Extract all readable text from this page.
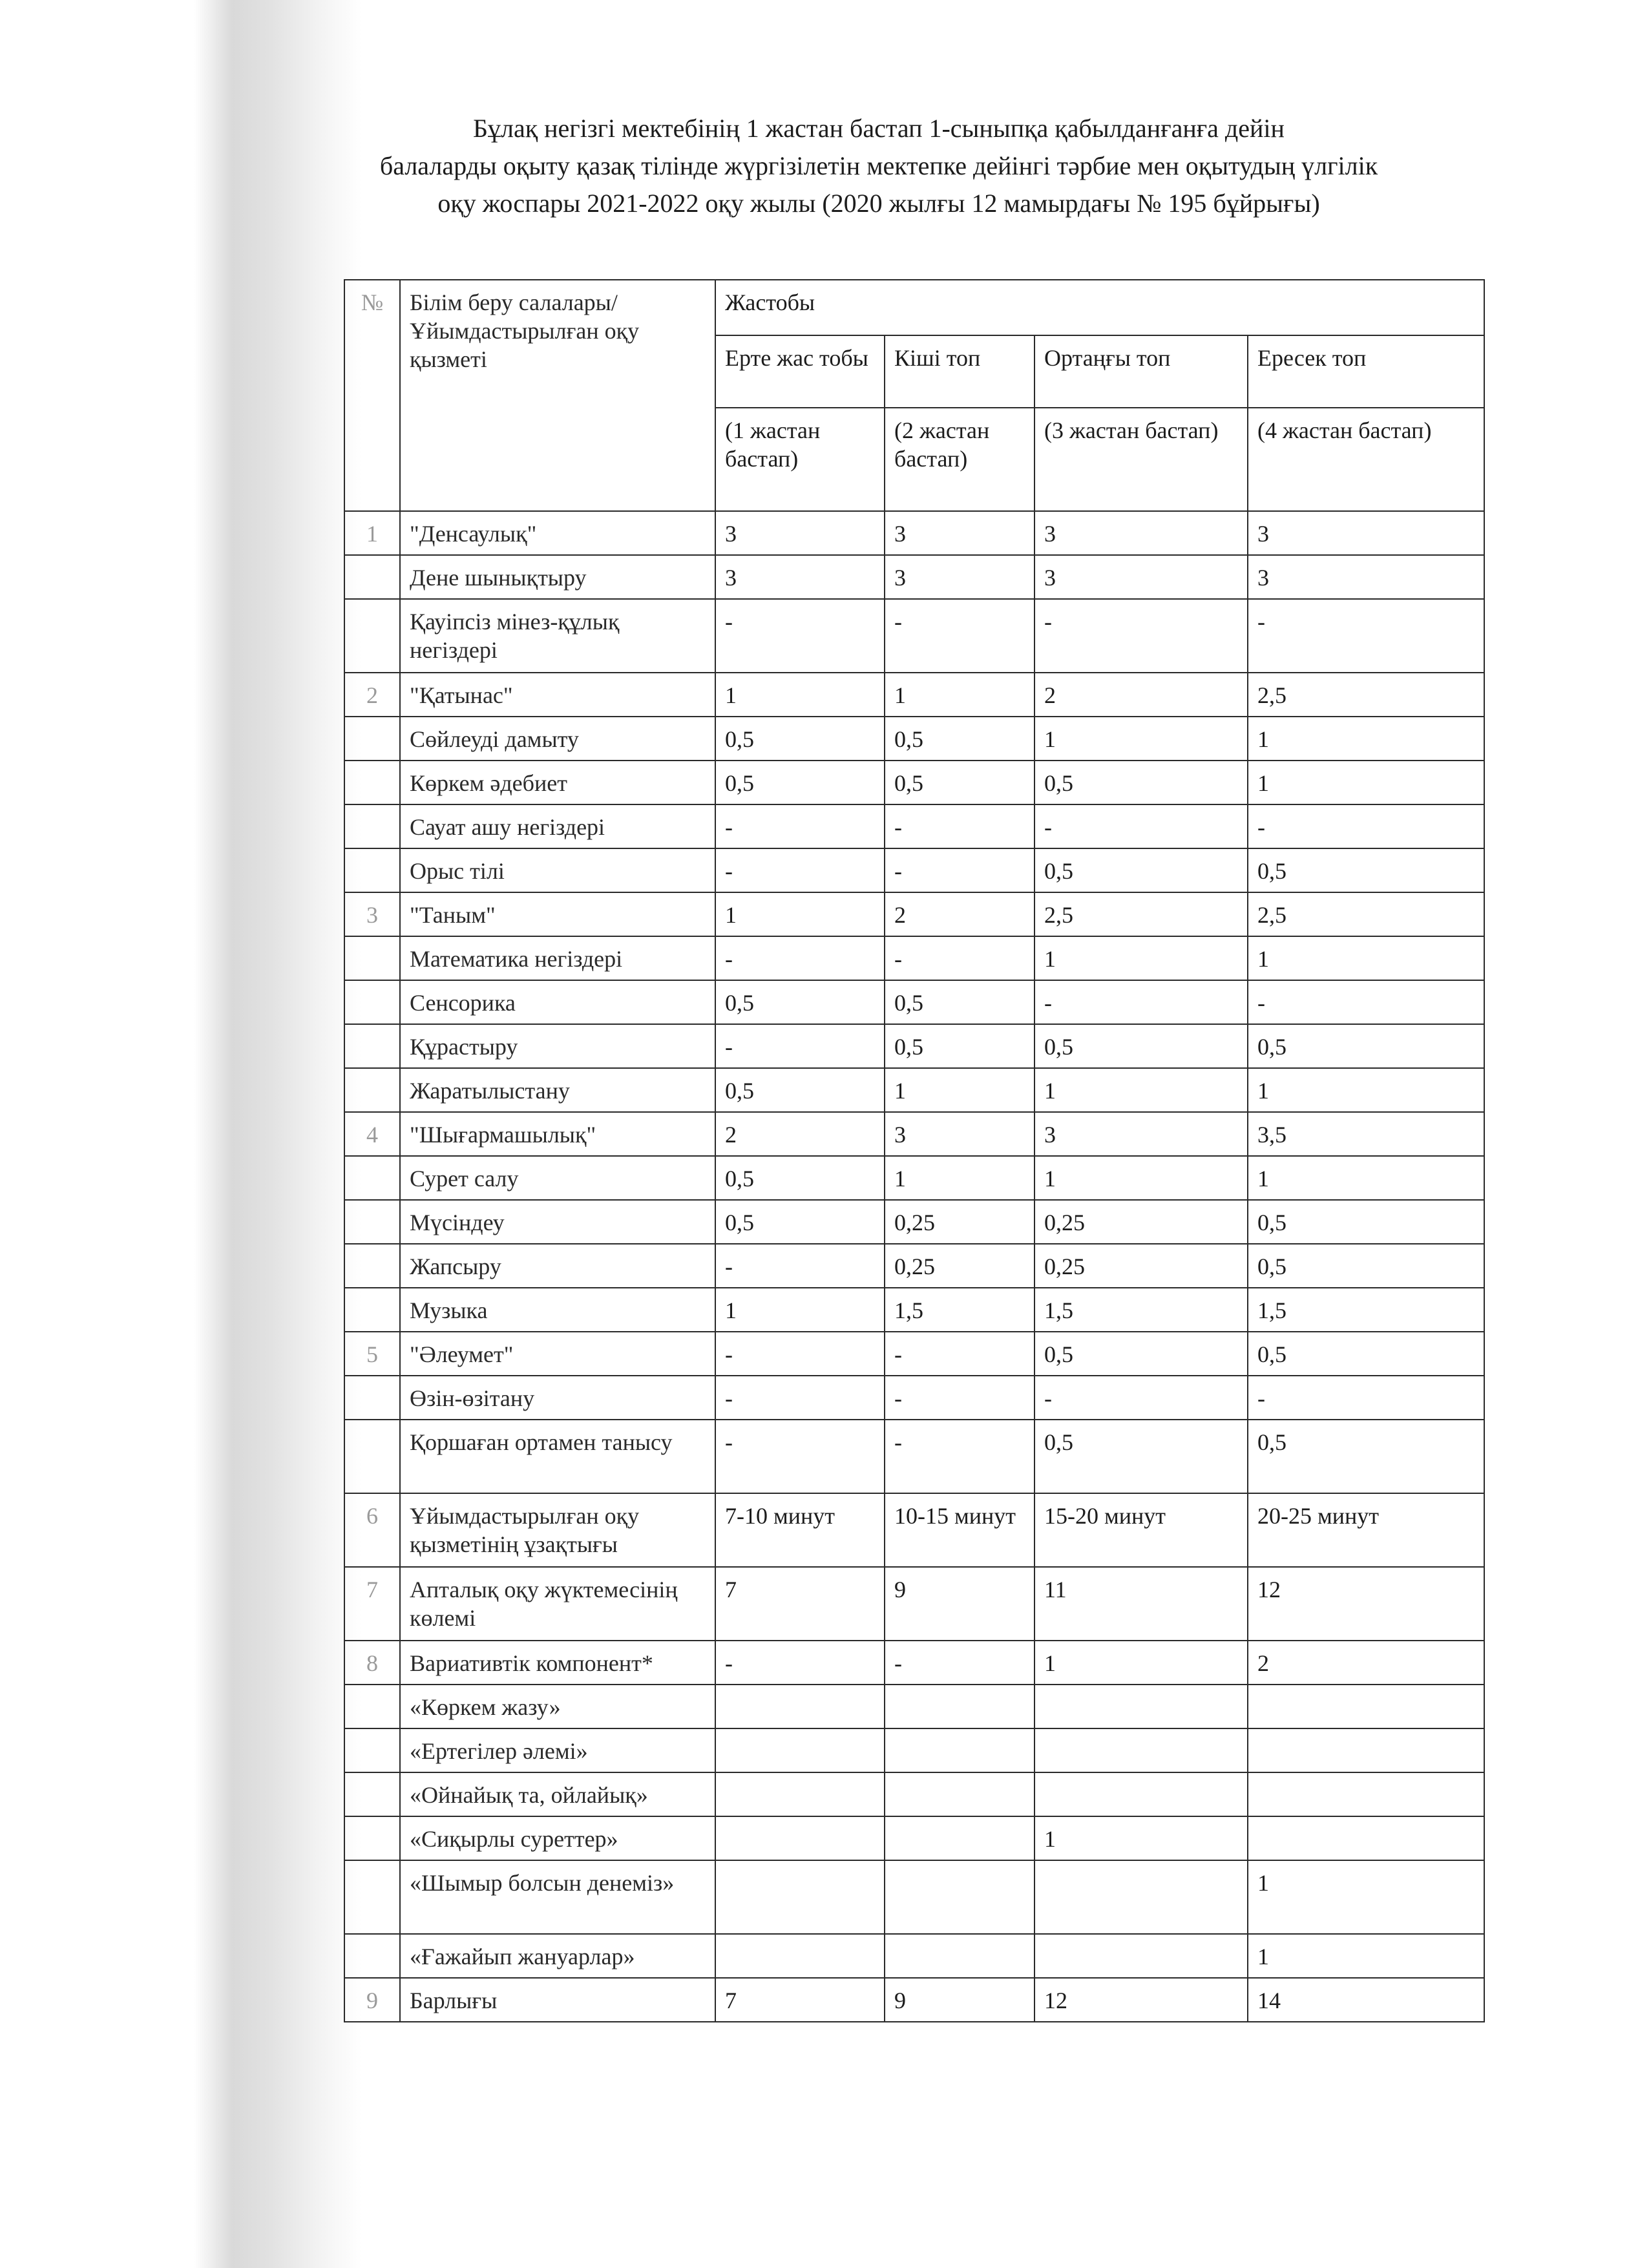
Бұлақ негізгі мектебінің 1 жастан бастап 1-сыныпқа қабылданғанға дейін
балаларды оқыту қазақ тілінде жүргізілетін мектепке дейінгі тәрбие мен оқытудың үлгілік
оқу жоспары 2021-2022 оқу жылы (2020 жылғы 12 мамырдағы № 195 бұйрығы)
№	Білім беру салалары/ Ұйымдастырылған оқу қызметі	Жастобы			
		Ерте жас тобы	Кіші топ	Ортаңғы топ	Ересек топ
		(1 жастан бастап)	(2 жастан бастап)	(3 жастан бастап)	(4 жастан бастап)
1	"Денсаулық"	3	3	3	3
	Дене шынықтыру	3	3	3	3
	Қауіпсіз мінез-құлық негіздері	-	-	-	-
2	"Қатынас"	1	1	2	2,5
	Сөйлеуді дамыту	0,5	0,5	1	1
	Көркем әдебиет	0,5	0,5	0,5	1
	Сауат ашу негіздері	-	-	-	-
	Орыс тілі	-	-	0,5	0,5
3	"Таным"	1	2	2,5	2,5
	Математика негіздері	-	-	1	1
	Сенсорика	0,5	0,5	-	-
	Құрастыру	-	0,5	0,5	0,5
	Жаратылыстану	0,5	1	1	1
4	"Шығармашылық"	2	3	3	3,5
	Сурет салу	0,5	1	1	1
	Мүсіндеу	0,5	0,25	0,25	0,5
	Жапсыру	-	0,25	0,25	0,5
	Музыка	1	1,5	1,5	1,5
5	"Әлеумет"	-	-	0,5	0,5
	Өзін-өзітану	-	-	-	-
	Қоршаған ортамен танысу	-	-	0,5	0,5
6	Ұйымдастырылған оқу қызметінің ұзақтығы	7-10 минут	10-15 минут	15-20 минут	20-25 минут
7	Апталық оқу жүктемесінің көлемі	7	9	11	12
8	Вариативтік компонент*	-	-	1	2
	«Көркем жазу»				
	«Ертегілер әлемі»				
	«Ойнайық та, ойлайық»				
	«Сиқырлы суреттер»			1	
	«Шымыр болсын денеміз»				1
	«Ғажайып жануарлар»				1
9	Барлығы	7	9	12	14
